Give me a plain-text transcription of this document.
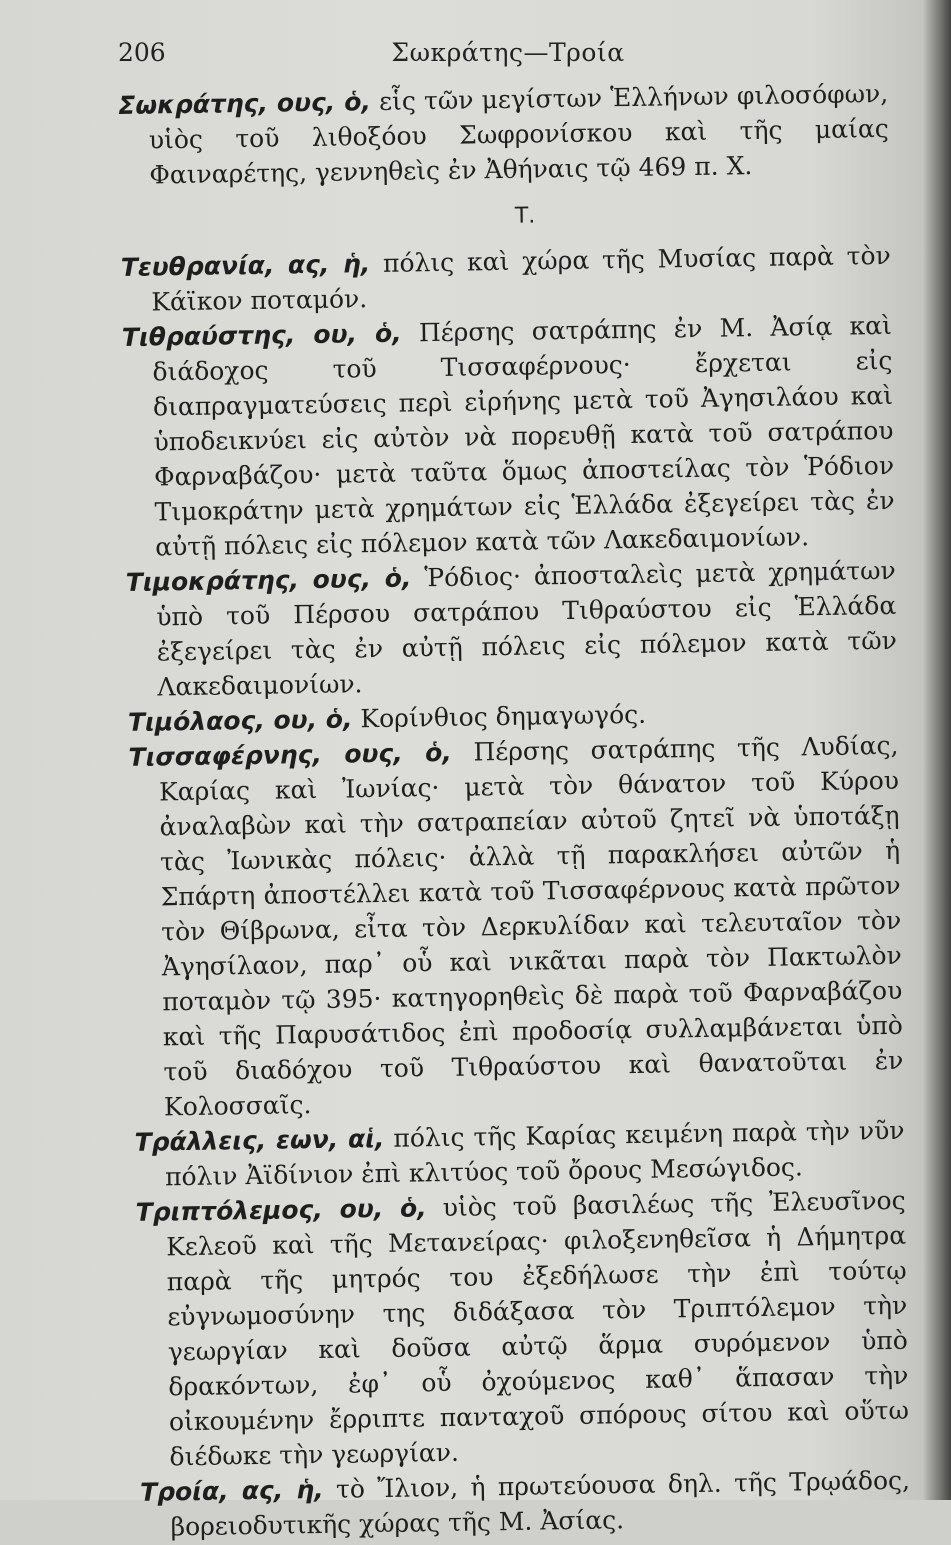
206	Σωκράτης—Τροία

Σωκράτης, ους, ὁ, εἷς τῶν μεγίστων Ἑλλήνων φιλοσόφων, υἱὸς τοῦ λιθοξόου Σωφρονίσκου καὶ τῆς μαίας Φαιναρέτης, γεννηθεὶς ἐν Ἀθήναις τῷ 469 π. Χ.

Τ.

Τευθρανία, ας, ἡ, πόλις καὶ χώρα τῆς Μυσίας παρὰ τὸν Κάϊκον ποταμόν.

Τιθραύστης, ου, ὁ, Πέρσης σατράπης ἐν Μ. Ἀσίᾳ καὶ διάδοχος τοῦ Τισσαφέρνους· ἔρχεται εἰς διαπραγματεύσεις περὶ εἰρήνης μετὰ τοῦ Ἀγησιλάου καὶ ὑποδεικνύει εἰς αὐτὸν νὰ πορευθῇ κατὰ τοῦ σατράπου Φαρναβάζου· μετὰ ταῦτα ὅμως ἀποστείλας τὸν Ῥόδιον Τιμοκράτην μετὰ χρημάτων εἰς Ἑλλάδα ἐξεγείρει τὰς ἐν αὐτῇ πόλεις εἰς πόλεμον κατὰ τῶν Λακεδαιμονίων.

Τιμοκράτης, ους, ὁ, Ῥόδιος· ἀποσταλεὶς μετὰ χρημάτων ὑπὸ τοῦ Πέρσου σατράπου Τιθραύστου εἰς Ἑλλάδα ἐξεγείρει τὰς ἐν αὐτῇ πόλεις εἰς πόλεμον κατὰ τῶν Λακεδαιμονίων.

Τιμόλαος, ου, ὁ, Κορίνθιος δημαγωγός.

Τισσαφέρνης, ους, ὁ, Πέρσης σατράπης τῆς Λυδίας, Καρίας καὶ Ἰωνίας· μετὰ τὸν θάνατον τοῦ Κύρου ἀναλαβὼν καὶ τὴν σατραπείαν αὐτοῦ ζητεῖ νὰ ὑποτάξῃ τὰς Ἰωνικὰς πόλεις· ἀλλὰ τῇ παρακλήσει αὐτῶν ἡ Σπάρτη ἀποστέλλει κατὰ τοῦ Τισσαφέρνους κατὰ πρῶτον τὸν Θίβρωνα, εἶτα τὸν Δερκυλίδαν καὶ τελευταῖον τὸν Ἀγησίλαον, παρ᾽ οὗ καὶ νικᾶται παρὰ τὸν Πακτωλὸν ποταμὸν τῷ 395· κατηγορηθεὶς δὲ παρὰ τοῦ Φαρναβάζου καὶ τῆς Παρυσάτιδος ἐπὶ προδοσίᾳ συλλαμβάνεται ὑπὸ τοῦ διαδόχου τοῦ Τιθραύστου καὶ θανατοῦται ἐν Κολοσσαῖς.

Τράλλεις, εων, αἱ, πόλις τῆς Καρίας κειμένη παρὰ τὴν νῦν πόλιν Ἀϊδίνιον ἐπὶ κλιτύος τοῦ ὄρους Μεσώγιδος.

Τριπτόλεμος, ου, ὁ, υἱὸς τοῦ βασιλέως τῆς Ἐλευσῖνος Κελεοῦ καὶ τῆς Μετανείρας· φιλοξενηθεῖσα ἡ Δήμητρα παρὰ τῆς μητρός του ἐξεδήλωσε τὴν ἐπὶ τούτῳ εὐγνωμοσύνην της διδάξασα τὸν Τριπτόλεμον τὴν γεωργίαν καὶ δοῦσα αὐτῷ ἅρμα συρόμενον ὑπὸ δρακόντων, ἐφ᾽ οὗ ὀχούμενος καθ᾽ ἅπασαν τὴν οἰκουμένην ἔρριπτε πανταχοῦ σπόρους σίτου καὶ οὕτω διέδωκε τὴν γεωργίαν.

Τροία, ας, ἡ, τὸ Ἴλιον, ἡ πρωτεύουσα δηλ. τῆς Τρῳάδος, βορειοδυτικῆς χώρας τῆς Μ. Ἀσίας.
